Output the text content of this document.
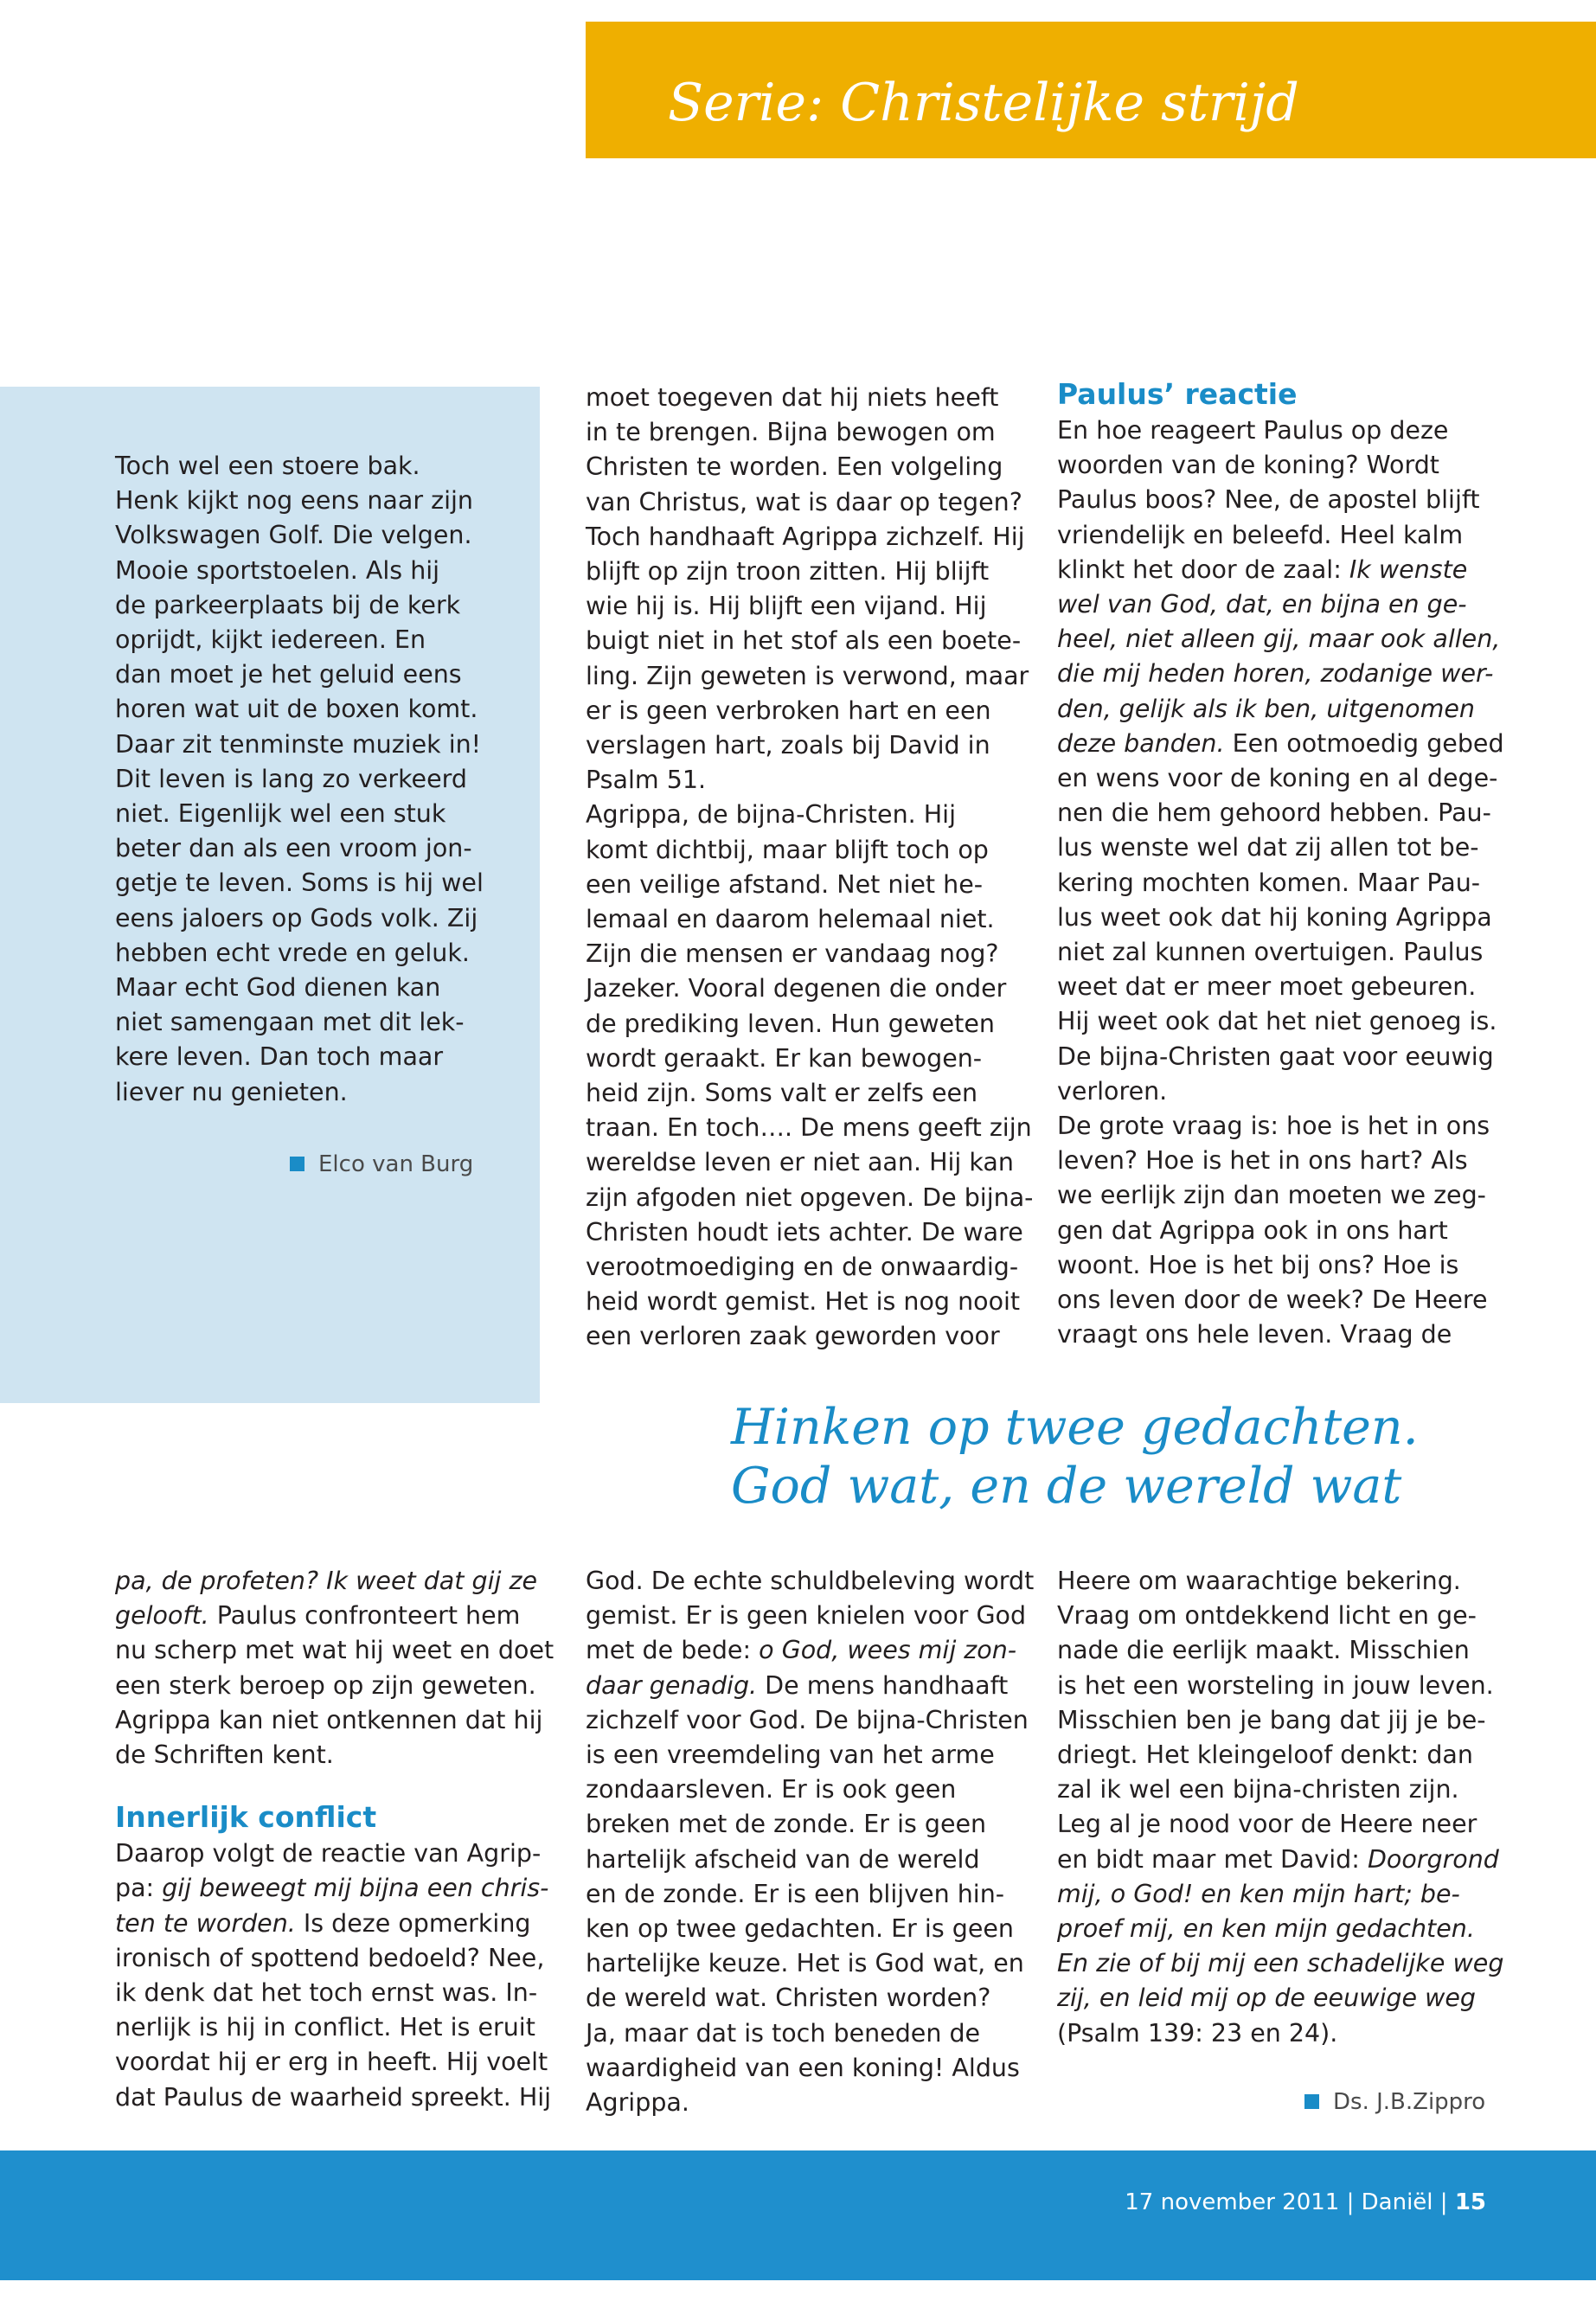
Serie: Christelijke strijd

Toch wel een stoere bak.

Henk kijkt nog eens naar zijn

Volkswagen Golf. Die velgen.

Mooie sportstoelen. Als hij

de parkeerplaats bij de kerk

oprijdt, kijkt iedereen. En

dan moet je het geluid eens

horen wat uit de boxen komt.

Daar zit tenminste muziek in!

Dit leven is lang zo verkeerd

niet. Eigenlijk wel een stuk

beter dan als een vroom jon-

getje te leven. Soms is hij wel

eens jaloers op Gods volk. Zij

hebben echt vrede en geluk.

Maar echt God dienen kan

niet samengaan met dit lek-

kere leven. Dan toch maar

liever nu genieten.

Elco van Burg

moet toegeven dat hij niets heeft

in te brengen. Bijna bewogen om

Christen te worden. Een volgeling

van Christus, wat is daar op tegen?

Toch handhaaft Agrippa zichzelf. Hij

blijft op zijn troon zitten. Hij blijft

wie hij is. Hij blijft een vijand. Hij

buigt niet in het stof als een boete-

ling. Zijn geweten is verwond, maar

er is geen verbroken hart en een

verslagen hart, zoals bij David in

Psalm 51.

Agrippa, de bijna-Christen. Hij

komt dichtbij, maar blijft toch op

een veilige afstand. Net niet he-

lemaal en daarom helemaal niet.

Zijn die mensen er vandaag nog?

Jazeker. Vooral degenen die onder

de prediking leven. Hun geweten

wordt geraakt. Er kan bewogen-

heid zijn. Soms valt er zelfs een

traan. En toch…. De mens geeft zijn

wereldse leven er niet aan. Hij kan

zijn afgoden niet opgeven. De bijna-

Christen houdt iets achter. De ware

verootmoediging en de onwaardig-

heid wordt gemist. Het is nog nooit

een verloren zaak geworden voor

Paulus’ reactie

En hoe reageert Paulus op deze

woorden van de koning? Wordt

Paulus boos? Nee, de apostel blijft

vriendelijk en beleefd. Heel kalm

klinkt het door de zaal: Ik wenste

wel van God, dat, en bijna en ge-

heel, niet alleen gij, maar ook allen,

die mij heden horen, zodanige wer-

den, gelijk als ik ben, uitgenomen

deze banden. Een ootmoedig gebed

en wens voor de koning en al dege-

nen die hem gehoord hebben. Pau-

lus wenste wel dat zij allen tot be-

kering mochten komen. Maar Pau-

lus weet ook dat hij koning Agrippa

niet zal kunnen overtuigen. Paulus

weet dat er meer moet gebeuren.

Hij weet ook dat het niet genoeg is.

De bijna-Christen gaat voor eeuwig

verloren.

De grote vraag is: hoe is het in ons

leven? Hoe is het in ons hart? Als

we eerlijk zijn dan moeten we zeg-

gen dat Agrippa ook in ons hart

woont. Hoe is het bij ons? Hoe is

ons leven door de week? De Heere

vraagt ons hele leven. Vraag de

Hinken op twee gedachten.

God wat, en de wereld wat

pa, de profeten? Ik weet dat gij ze

gelooft. Paulus confronteert hem

nu scherp met wat hij weet en doet

een sterk beroep op zijn geweten.

Agrippa kan niet ontkennen dat hij

de Schriften kent.

Innerlijk conflict

Daarop volgt de reactie van Agrip-

pa: gij beweegt mij bijna een chris-

ten te worden. Is deze opmerking

ironisch of spottend bedoeld? Nee,

ik denk dat het toch ernst was. In-

nerlijk is hij in conflict. Het is eruit

voordat hij er erg in heeft. Hij voelt

dat Paulus de waarheid spreekt. Hij

God. De echte schuldbeleving wordt

gemist. Er is geen knielen voor God

met de bede: o God, wees mij zon-

daar genadig. De mens handhaaft

zichzelf voor God. De bijna-Christen

is een vreemdeling van het arme

zondaarsleven. Er is ook geen

breken met de zonde. Er is geen

hartelijk afscheid van de wereld

en de zonde. Er is een blijven hin-

ken op twee gedachten. Er is geen

hartelijke keuze. Het is God wat, en

de wereld wat. Christen worden?

Ja, maar dat is toch beneden de

waardigheid van een koning! Aldus

Agrippa.

Heere om waarachtige bekering.

Vraag om ontdekkend licht en ge-

nade die eerlijk maakt. Misschien

is het een worsteling in jouw leven.

Misschien ben je bang dat jij je be-

driegt. Het kleingeloof denkt: dan

zal ik wel een bijna-christen zijn.

Leg al je nood voor de Heere neer

en bidt maar met David: Doorgrond

mij, o God! en ken mijn hart; be-

proef mij, en ken mijn gedachten.

En zie of bij mij een schadelijke weg

zij, en leid mij op de eeuwige weg

(Psalm 139: 23 en 24).

Ds. J.B.Zippro
17 november 2011 | Daniël | 15
